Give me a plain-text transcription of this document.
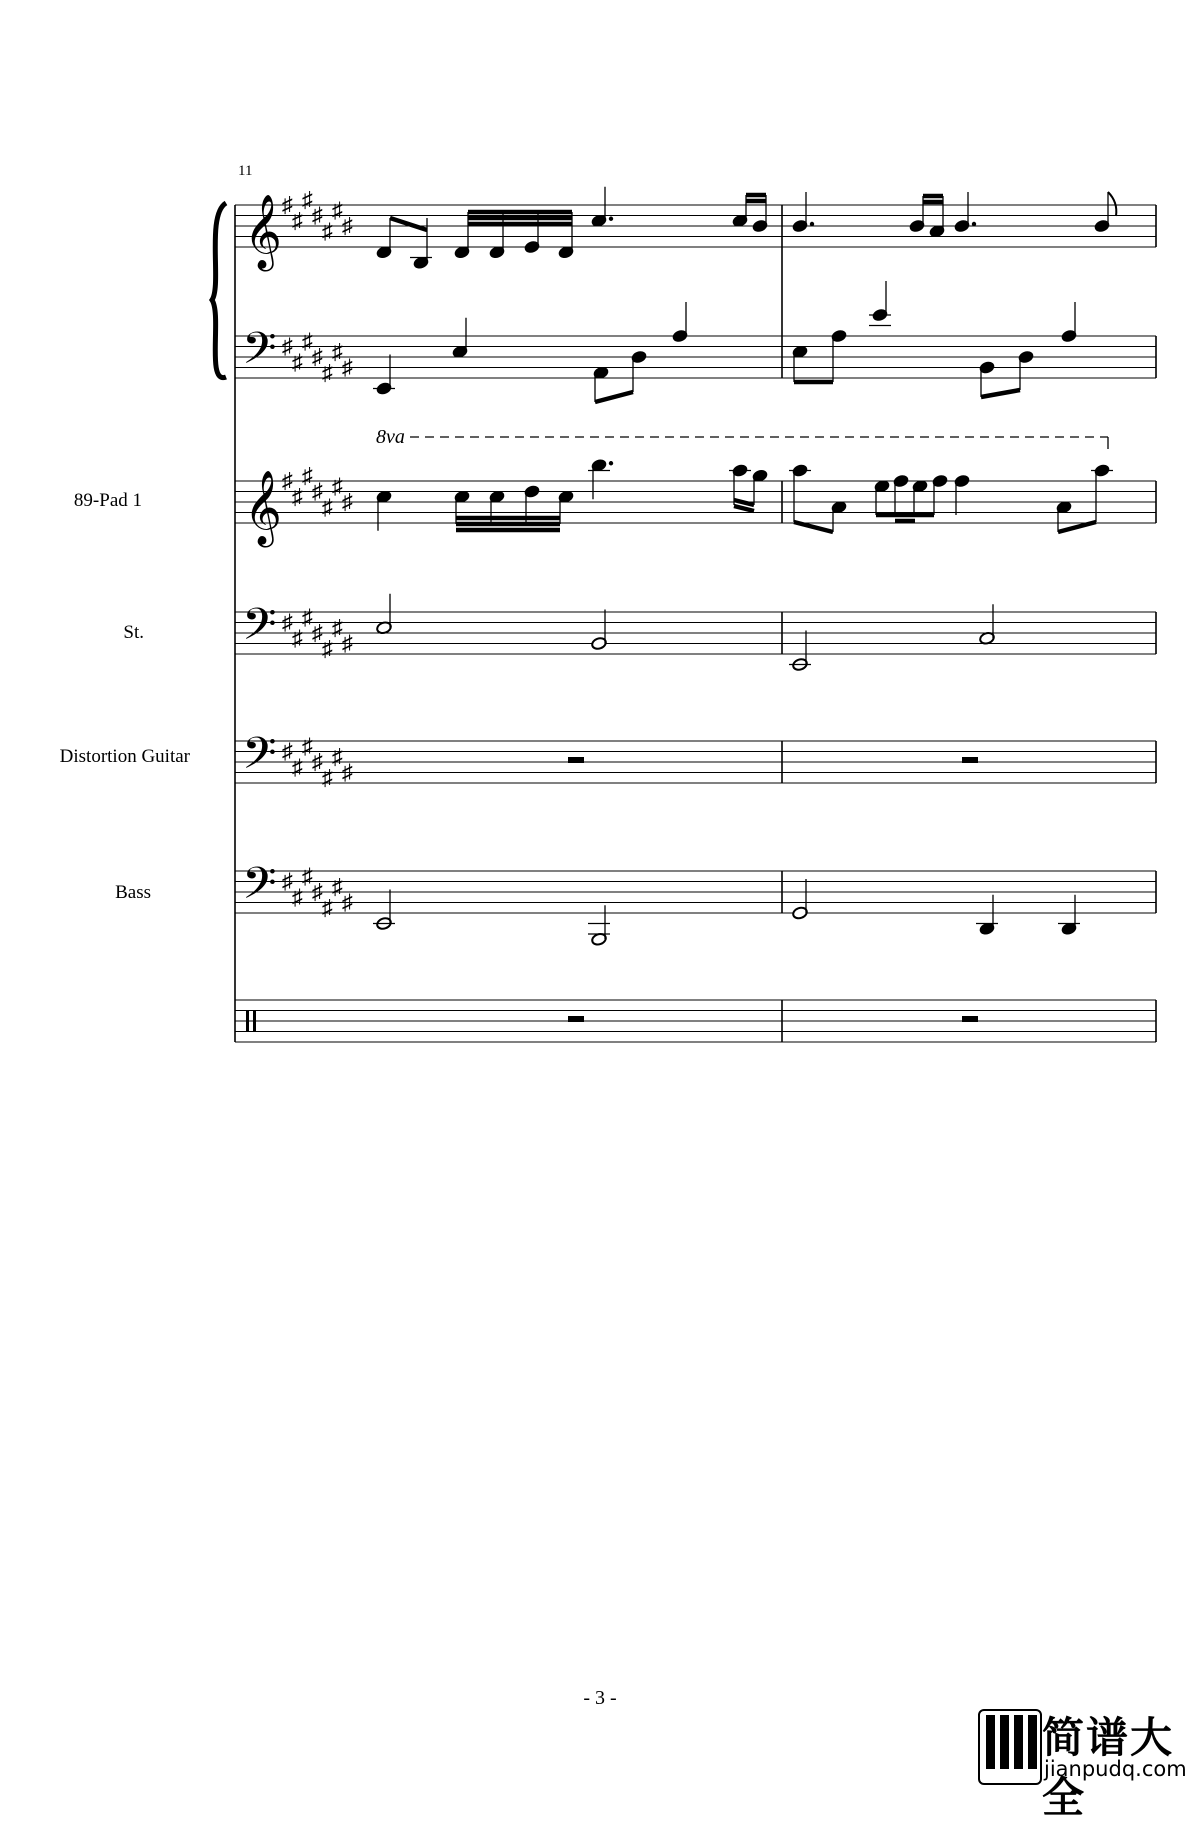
11
89-Pad 1
St.
Distortion Guitar
Bass
𝄞
𝄢
𝄞
𝄢
𝄢
𝄢
♯
♯
♯
♯
♯
♯
♯
♯
♯
♯
♯
♯
♯
♯
♯
♯
♯
♯
♯
♯
♯
♯
♯
♯
♯
♯
♯
♯
♯
♯
♯
♯
♯
♯
♯
♯
♯
♯
♯
♯
♯
♯
8va
- 3 -
简谱大全
jianpudq.com
